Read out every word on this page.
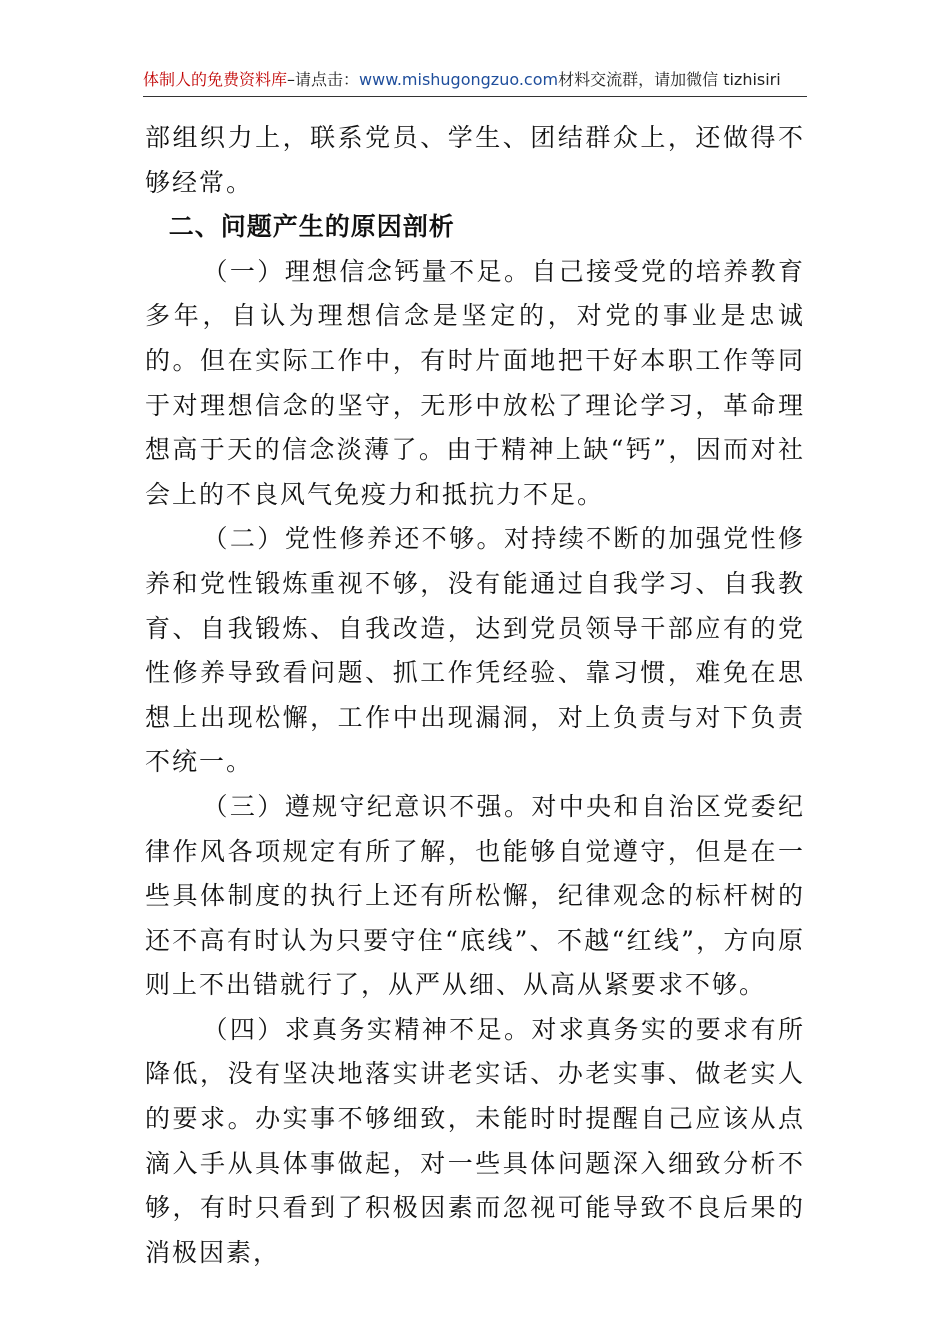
体制人的免费资料库–请点击：www.mishugongzuo.com材料交流群，请加微信 tizhisiri

部组织力上，联系党员、学生、团结群众上，还做得不够经常。

二、问题产生的原因剖析

（一）理想信念钙量不足。自己接受党的培养教育多年，自认为理想信念是坚定的，对党的事业是忠诚的。但在实际工作中，有时片面地把干好本职工作等同于对理想信念的坚守，无形中放松了理论学习，革命理想高于天的信念淡薄了。由于精神上缺“钙”，因而对社会上的不良风气免疫力和抵抗力不足。

（二）党性修养还不够。对持续不断的加强党性修养和党性锻炼重视不够，没有能通过自我学习、自我教育、自我锻炼、自我改造，达到党员领导干部应有的党性修养导致看问题、抓工作凭经验、靠习惯，难免在思想上出现松懈，工作中出现漏洞，对上负责与对下负责不统一。

（三）遵规守纪意识不强。对中央和自治区党委纪律作风各项规定有所了解，也能够自觉遵守，但是在一些具体制度的执行上还有所松懈，纪律观念的标杆树的还不高有时认为只要守住“底线”、不越“红线”，方向原则上不出错就行了，从严从细、从高从紧要求不够。

（四）求真务实精神不足。对求真务实的要求有所降低，没有坚决地落实讲老实话、办老实事、做老实人的要求。办实事不够细致，未能时时提醒自己应该从点滴入手从具体事做起，对一些具体问题深入细致分析不够，有时只看到了积极因素而忽视可能导致不良后果的消极因素，
